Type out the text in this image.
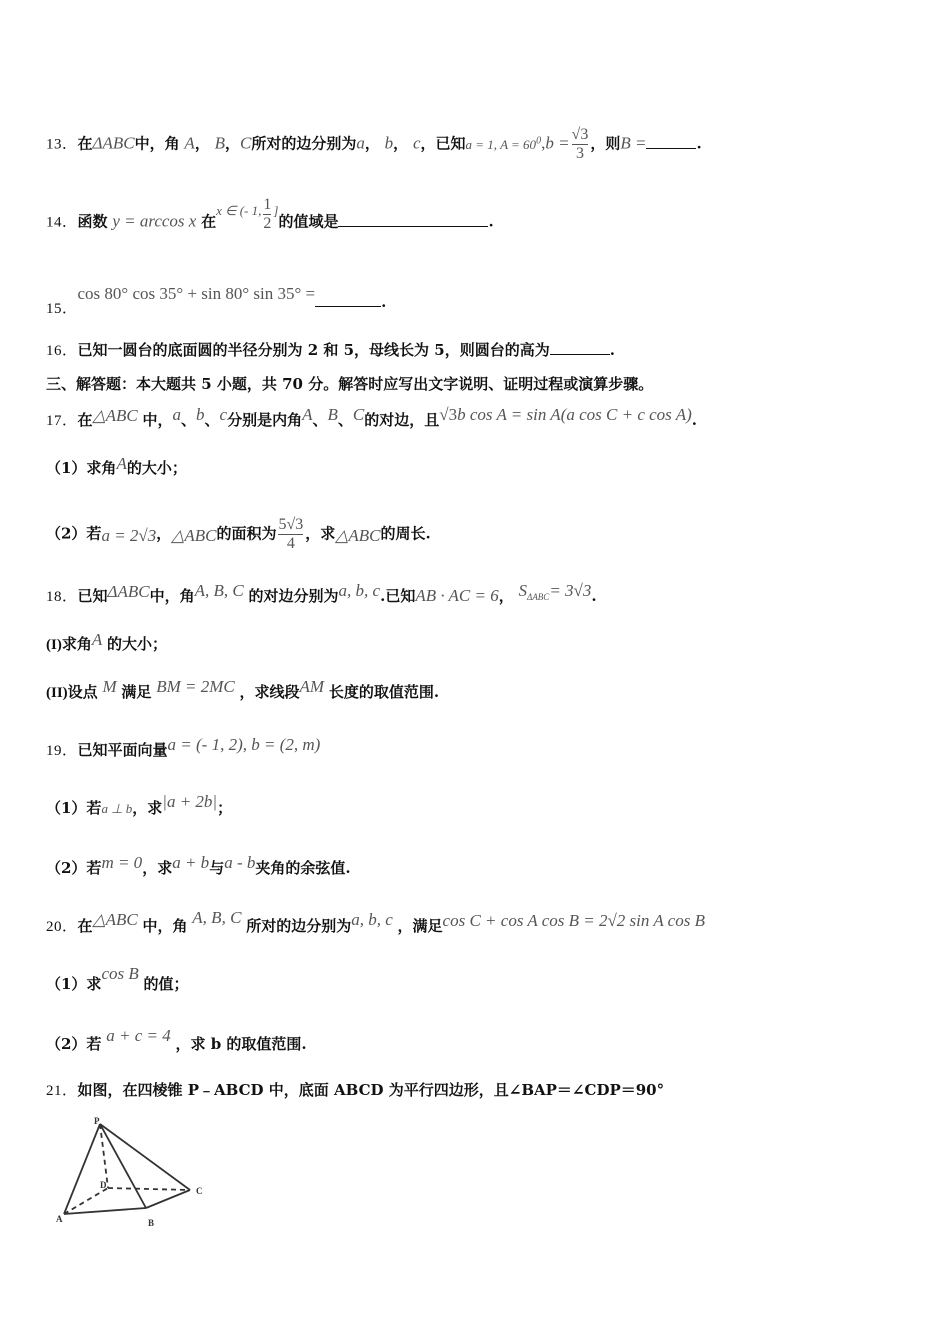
13．在ΔABC中，角 A， B，C所对的边分别为a， b， c，已知a = 1, $A = 60^0,b = \frac{√3}{3}$ ，则B =	.
14．函数 y = arccos x 在x ∈ (- 1, $\frac{1}{2}$ ]的值域是	.
15．cos 80° cos 35° + sin 80° sin 35° =	.
16．已知一圆台的底面圆的半径分别为 2 和 5，母线长为 5，则圆台的高为	.
三、解答题：本大题共 5 小题，共 70 分。解答时应写出文字说明、证明过程或演算步骤。
17．在△ABC 中，a、b、c分别是内角A、B、C的对边，且√3b cos A = sin A(a cos C + c cos A).
（1）求角A的大小；
（2）若a = 2√3，△ABC的面积为 $\frac{5√3}{4}$ ，求△ABC的周长.
18．已知ΔABC中，角A, B, C 的对边分别为a, b, c.已知AB · AC = 6， SΔABC= 3√3.
(I)求角A 的大小；
(II)设点 M 满足 BM = 2MC ，求线段AM 长度的取值范围.
19．已知平面向量a = (- 1, 2), b = (2, m)
（1）若a ⊥ b，求|a + 2b|；
（2）若m = 0，求a + b与a - b夹角的余弦值.
20．在△ABC 中，角 A, B, C 所对的边分别为a, b, c ，满足cos C + cos A cos B = 2√2 sin A cos B
（1）求cos B 的值；
（2）若 a + c = 4 ，求 b 的取值范围.
21．如图，在四棱锥 P﹣ABCD 中，底面 ABCD 为平行四边形，且∠BAP＝∠CDP＝90°
P
A	B
C
D
